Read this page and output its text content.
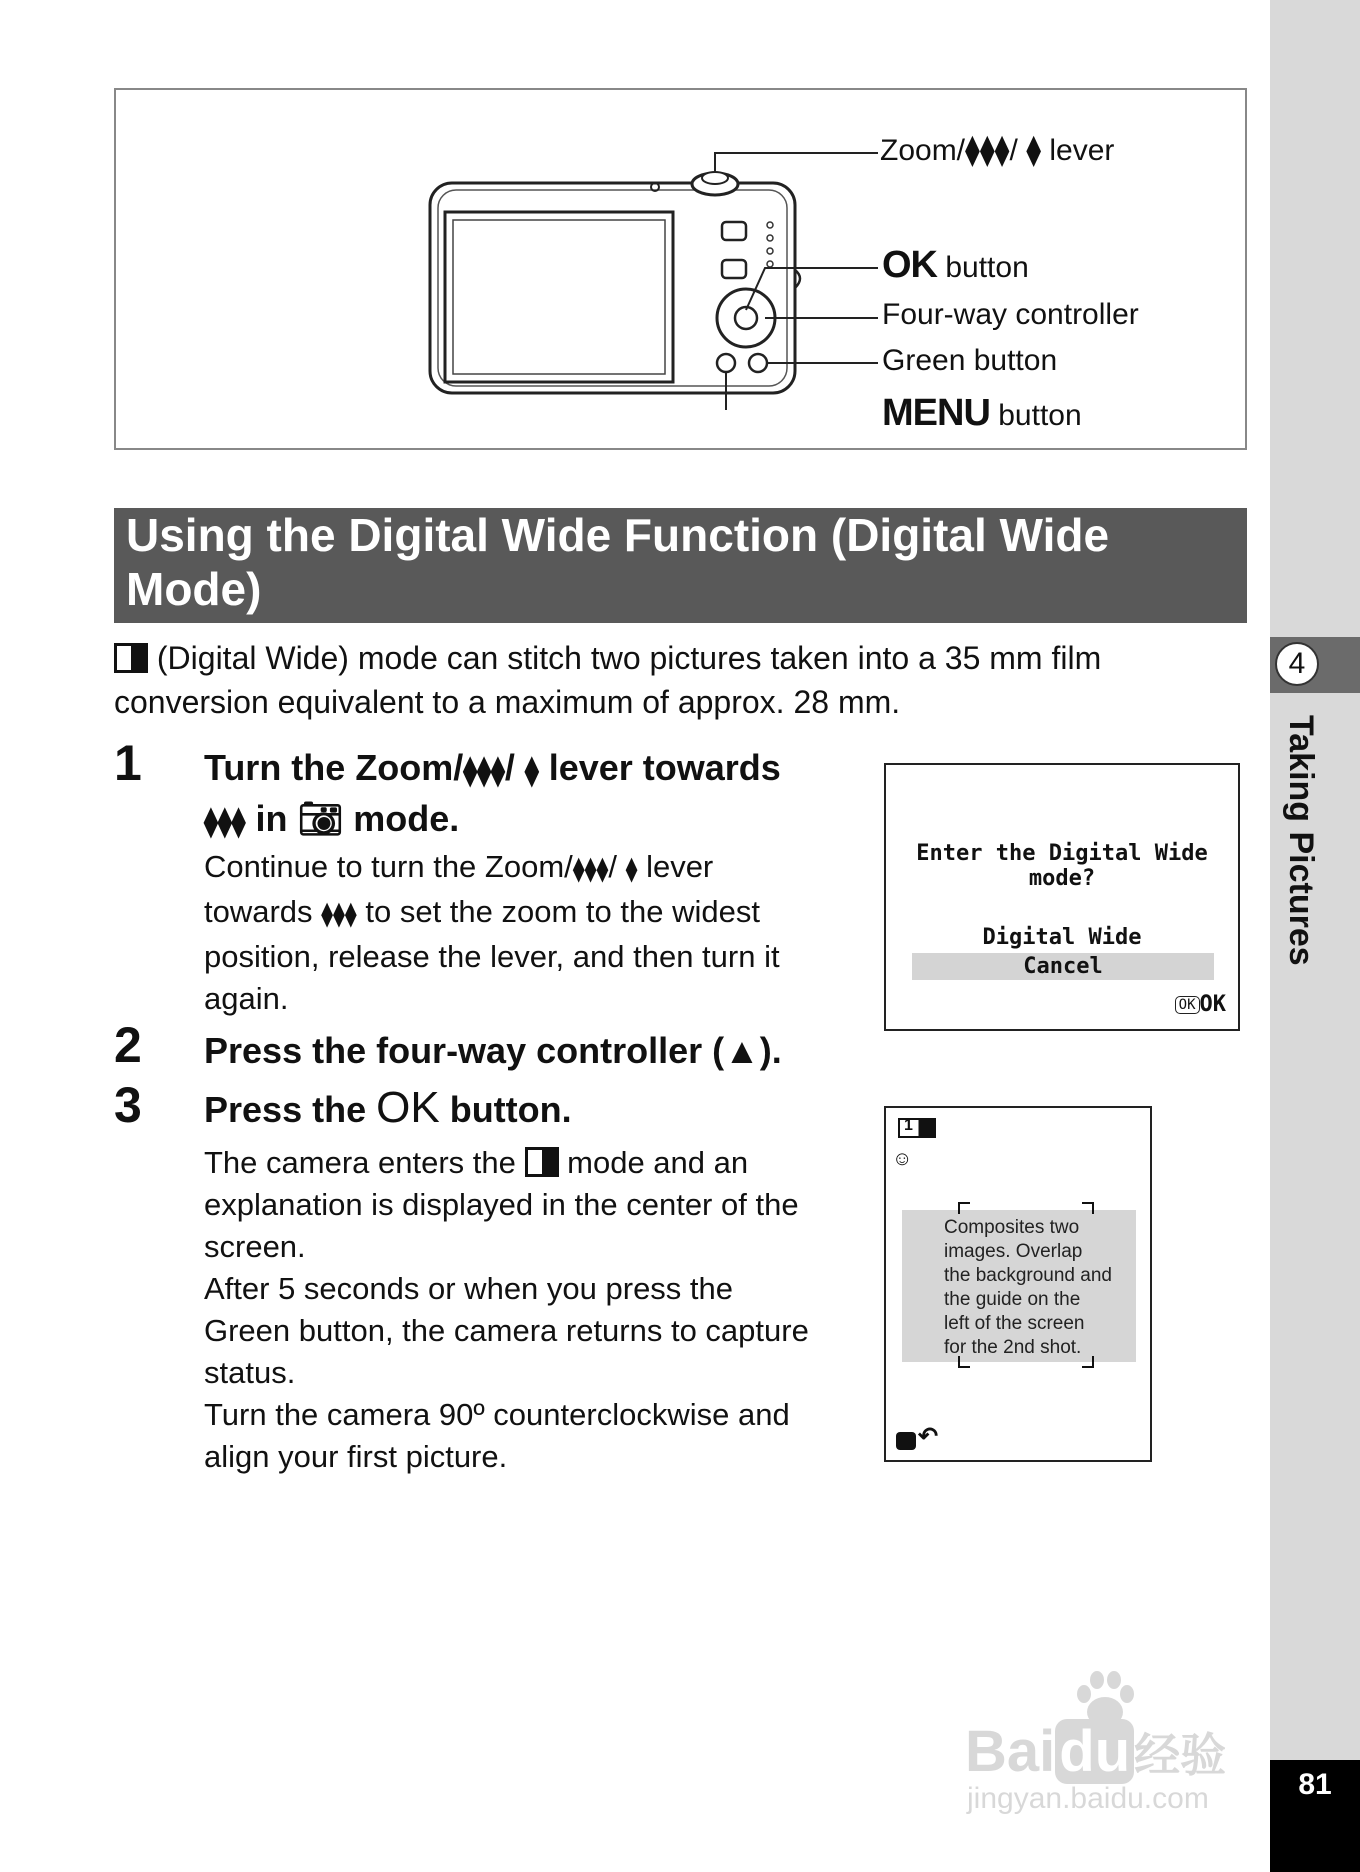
4
Taking Pictures
81
Zoom/⧫⧫⧫/ ⧫ lever
OK button
Four-way controller
Green button
MENU button
Using the Digital Wide Function (Digital Wide Mode)
(Digital Wide) mode can stitch two pictures taken into a 35 mm film
conversion equivalent to a maximum of approx. 28 mm.
1 Turn the Zoom/⧫⧫⧫/ ⧫ lever towards
⧫⧫⧫ in 📷︎ mode.
Continue to turn the Zoom/⧫⧫⧫/ ⧫ lever
towards ⧫⧫⧫ to set the zoom to the widest
position, release the lever, and then turn it
again.
2 Press the four-way controller (▲).
3 Press the OK button.
The camera enters the mode and an
explanation is displayed in the center of the
screen.
After 5 seconds or when you press the
Green button, the camera returns to capture
status.
Turn the camera 90º counterclockwise and
align your first picture.
Enter the Digital Wide
mode?
Digital Wide
Cancel
OK OK
1
☺
Composites two
images. Overlap
the background and
the guide on the
left of the screen
for the 2nd shot.
↶
Baidu经验
jingyan.baidu.com
